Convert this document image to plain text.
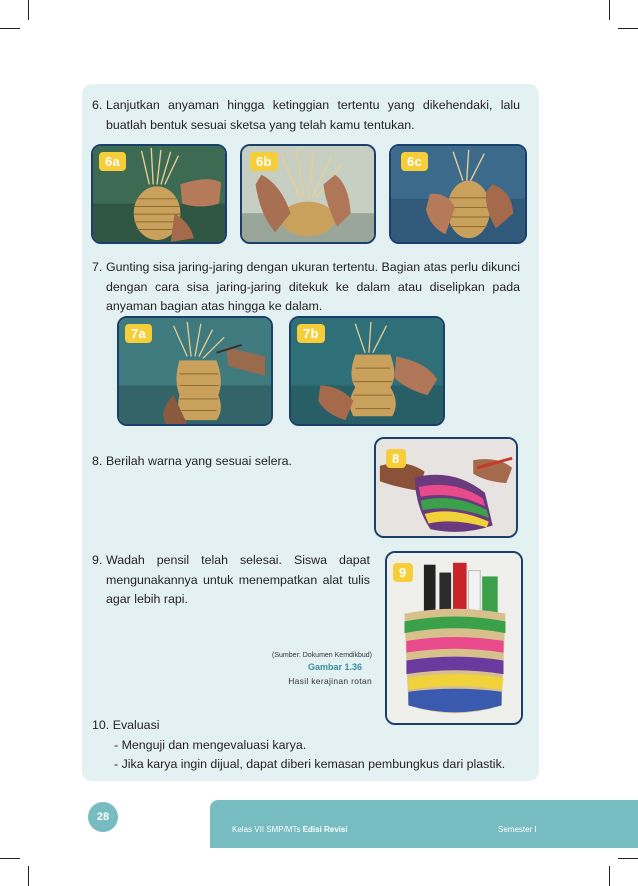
6. Lanjutkan anyaman hingga ketinggian tertentu yang dikehendaki, lalu buatlah bentuk sesuai sketsa yang telah kamu tentukan.
6a	6b	6c
7. Gunting sisa jaring-jaring dengan ukuran tertentu. Bagian atas perlu dikunci dengan cara sisa jaring-jaring ditekuk ke dalam atau diselipkan pada anyaman bagian atas hingga ke dalam.
7a	7b
8. Berilah warna yang sesuai selera.	8
9. Wadah pensil telah selesai. Siswa dapat mengunakannya untuk menempatkan alat tulis agar lebih rapi.
9
(Sumber: Dokumen Kemdikbud)
Gambar 1.36
Hasil kerajinan rotan
10. Evaluasi
- Menguji dan mengevaluasi karya.
- Jika karya ingin dijual, dapat diberi kemasan pembungkus dari plastik.
28
Kelas VII SMP/MTs Edisi Revisi	Semester I
